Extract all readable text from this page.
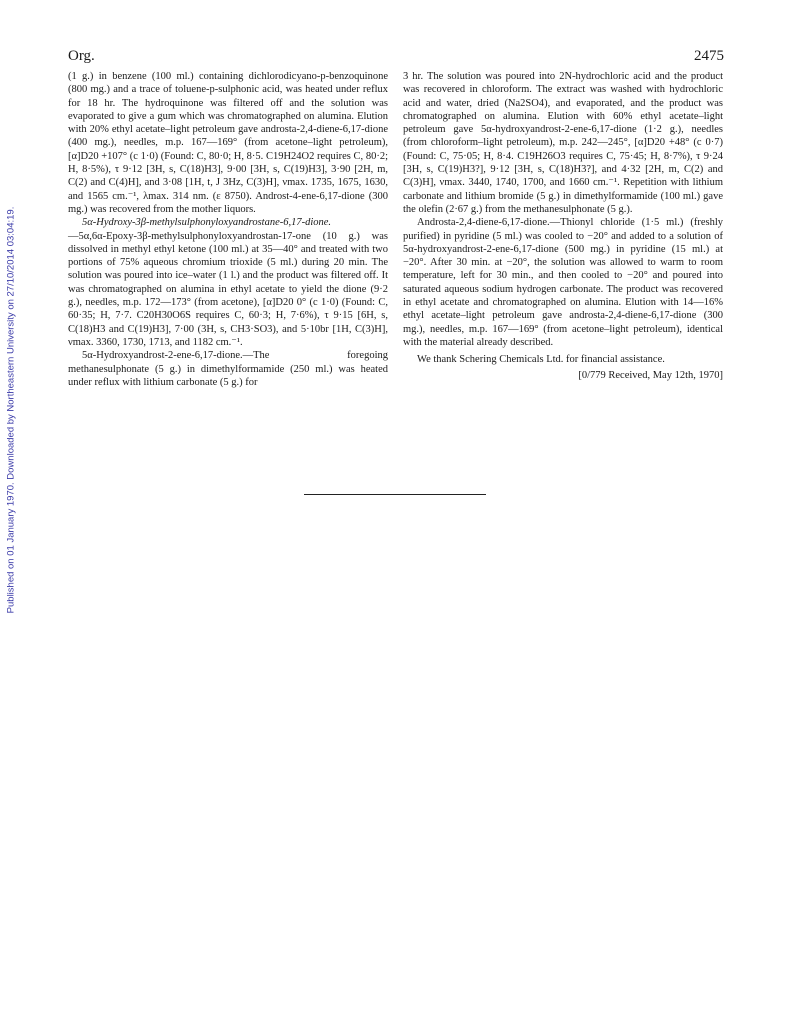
Org.	2475
Published on 01 January 1970. Downloaded by Northeastern University on 27/10/2014 03:04:19.

(1 g.) in benzene (100 ml.) containing dichlorodicyano-p-benzoquinone (800 mg.) and a trace of toluene-p-sulphonic acid, was heated under reflux for 18 hr. The hydroquinone was filtered off and the solution was evaporated to give a gum which was chromatographed on alumina. Elution with 20% ethyl acetate–light petroleum gave androsta-2,4-diene-6,17-dione (400 mg.), needles, m.p. 167—169° (from acetone–light petroleum), [α]D20 +107° (c 1·0) (Found: C, 80·0; H, 8·5. C19H24O2 requires C, 80·2; H, 8·5%), τ 9·12 [3H, s, C(18)H3], 9·00 [3H, s, C(19)H3], 3·90 [2H, m, C(2) and C(4)H], and 3·08 [1H, t, J 3Hz, C(3)H], νmax. 1735, 1675, 1630, and 1565 cm.⁻¹, λmax. 314 nm. (ε 8750). Androst-4-ene-6,17-dione (300 mg.) was recovered from the mother liquors.

5α-Hydroxy-3β-methylsulphonyloxyandrostane-6,17-dione.

—5α,6α-Epoxy-3β-methylsulphonyloxyandrostan-17-one (10 g.) was dissolved in methyl ethyl ketone (100 ml.) at 35—40° and treated with two portions of 75% aqueous chromium trioxide (5 ml.) during 20 min. The solution was poured into ice–water (1 l.) and the product was filtered off. It was chromatographed on alumina in ethyl acetate to yield the dione (9·2 g.), needles, m.p. 172—173° (from acetone), [α]D20 0° (c 1·0) (Found: C, 60·35; H, 7·7. C20H30O6S requires C, 60·3; H, 7·6%), τ 9·15 [6H, s, C(18)H3 and C(19)H3], 7·00 (3H, s, CH3·SO3), and 5·10br [1H, C(3)H], νmax. 3360, 1730, 1713, and 1182 cm.⁻¹.

5α-Hydroxyandrost-2-ene-6,17-dione.—The foregoing methanesulphonate (5 g.) in dimethylformamide (250 ml.) was heated under reflux with lithium carbonate (5 g.) for

3 hr. The solution was poured into 2N-hydrochloric acid and the product was recovered in chloroform. The extract was washed with hydrochloric acid and water, dried (Na2SO4), and evaporated, and the product was chromatographed on alumina. Elution with 60% ethyl acetate–light petroleum gave 5α-hydroxyandrost-2-ene-6,17-dione (1·2 g.), needles (from chloroform–light petroleum), m.p. 242—245°, [α]D20 +48° (c 0·7) (Found: C, 75·05; H, 8·4. C19H26O3 requires C, 75·45; H, 8·7%), τ 9·24 [3H, s, C(19)H3?], 9·12 [3H, s, C(18)H3?], and 4·32 [2H, m, C(2) and C(3)H], νmax. 3440, 1740, 1700, and 1660 cm.⁻¹. Repetition with lithium carbonate and lithium bromide (5 g.) in dimethylformamide (100 ml.) gave the olefin (2·67 g.) from the methanesulphonate (5 g.).

Androsta-2,4-diene-6,17-dione.—Thionyl chloride (1·5 ml.) (freshly purified) in pyridine (5 ml.) was cooled to −20° and added to a solution of 5α-hydroxyandrost-2-ene-6,17-dione (500 mg.) in pyridine (15 ml.) at −20°. After 30 min. at −20°, the solution was allowed to warm to room temperature, left for 30 min., and then cooled to −20° and poured into saturated aqueous sodium hydrogen carbonate. The product was recovered in ethyl acetate and chromatographed on alumina. Elution with 14—16% ethyl acetate–light petroleum gave androsta-2,4-diene-6,17-dione (300 mg.), needles, m.p. 167—169° (from acetone–light petroleum), identical with the material already described.

We thank Schering Chemicals Ltd. for financial assistance.

[0/779 Received, May 12th, 1970]
